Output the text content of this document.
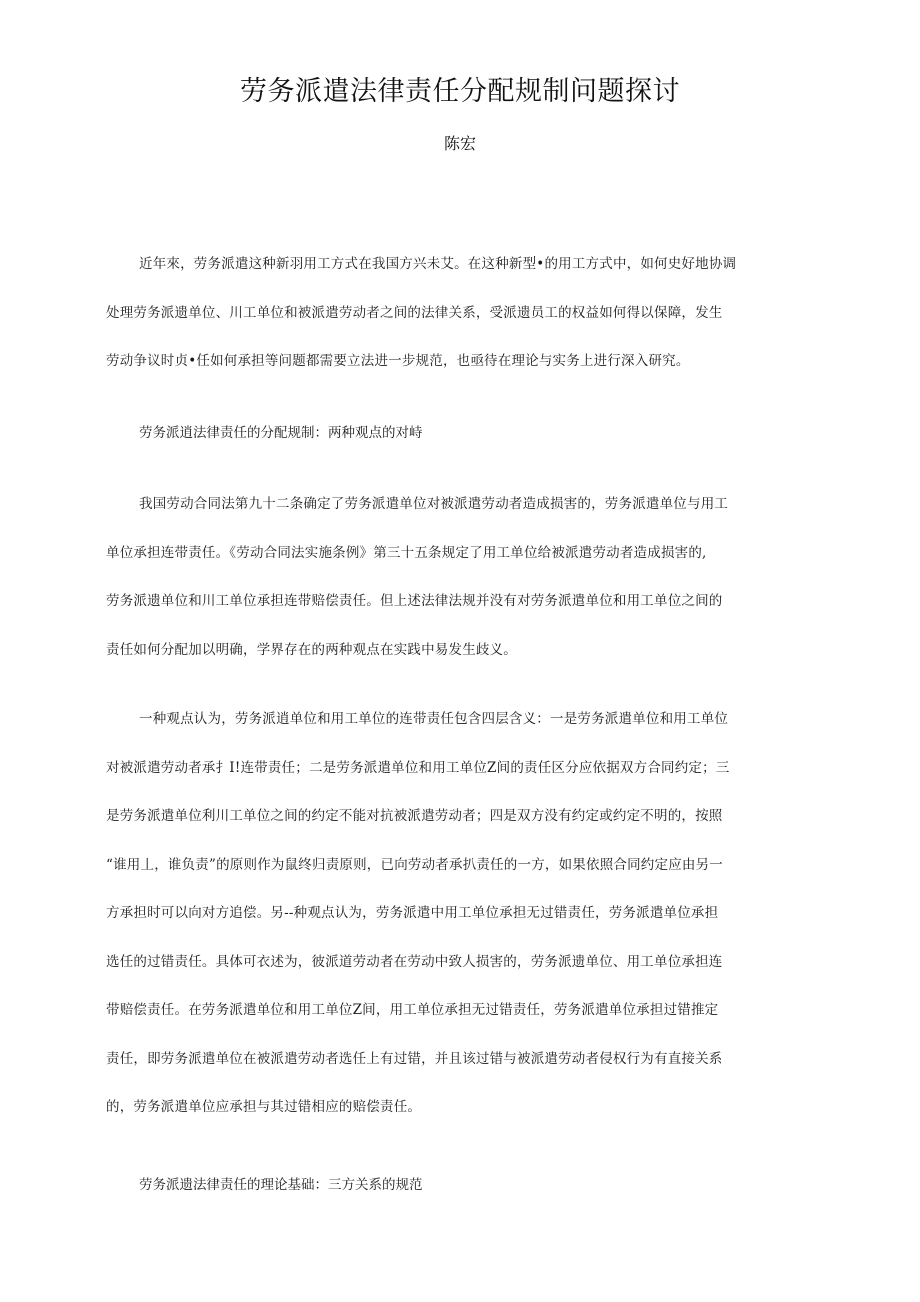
劳务派遣法律责任分配规制问题探讨

陈宏

近年來，劳务派遣这种新羽用工方式在我国方兴未艾。在这种新型•的用工方式中，如何史好地协调
处理劳务派遗单位、川工单位和被派遣劳动者之间的法律关系，受派遗员工的权益如何得以保障，发生
劳动争议时贞•任如何承担等问题都需要立法进一步规范，也亟待在理论与实务上进行深入研究。

劳务派逍法律责任的分配规制：两种观点的对峙

我国劳动合同法第九十二条确定了劳务派遣单位对被派遣劳动者造成损害的，劳务派遣单位与用工
单位承担连带责任。《劳动合同法实施条例》第三十五条规定了用工单位给被派遣劳动者造成损害的,
劳务派遗单位和川工单位承担连带赔偿责任。但上述法律法规并没有对劳务派遣单位和用工单位之间的
责任如何分配加以明确，学界存在的两种观点在实践中易发生歧义。

一种观点认为，劳务派逍单位和用工单位的连带责任包含四层含义：一是劳务派遣单位和用工单位
对被派遣劳动者承扌I!连带责任；二是劳务派遣单位和用工单位Z间的责任区分应依据双方合同约定；三
是劳务派遣单位利川工单位之间的约定不能对抗被派遣劳动者；四是双方没有约定或约定不明的，按照
“谁用丄，谁负责”的原则作为鼠终归责原则，已向劳动者承扒责任的一方，如果依照合同约定应由另一
方承担时可以向对方追偿。另--种观点认为，劳务派遣中用工单位承担无过错责任，劳务派遣单位承担
选任的过错责任。具体可衣述为，彼派道劳动者在劳动中致人损害的，劳务派遗单位、用工单位承担连
带赔偿责任。在劳务派遣单位和用工单位Z间，用工单位承担无过错责任，劳务派遣单位承担过错推定
责任，即劳务派遣单位在被派遣劳动者选任上有过错，并且该过错与被派遣劳动者侵权行为有直接关系
的，劳务派遣单位应承担与其过错相应的赔偿责任。

劳务派遗法律责任的理论基础：三方关系的规范
